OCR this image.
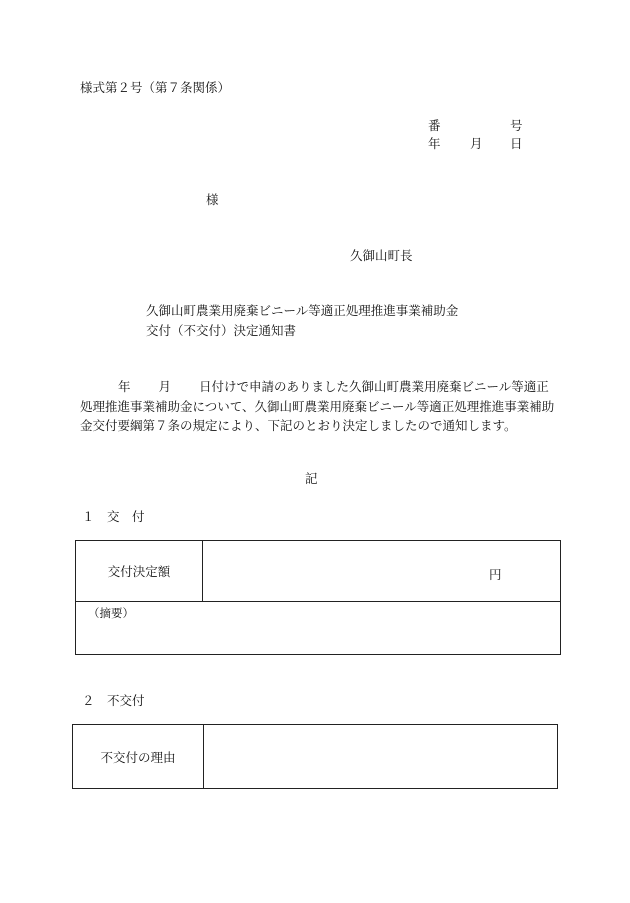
様式第２号（第７条関係）
番	号
年 月 日
様
久御山町長
久御山町農業用廃棄ビニール等適正処理推進事業補助金
交付（不交付）決定通知書
年 月 日付けで申請のありました久御山町農業用廃棄ビニール等適正処理推進事業補助金について、久御山町農業用廃棄ビニール等適正処理推進事業補助金交付要綱第７条の規定により、下記のとおり決定しましたので通知します。
記
１　交　付
交付決定額	円
（摘要）
２　不交付
不交付の理由
